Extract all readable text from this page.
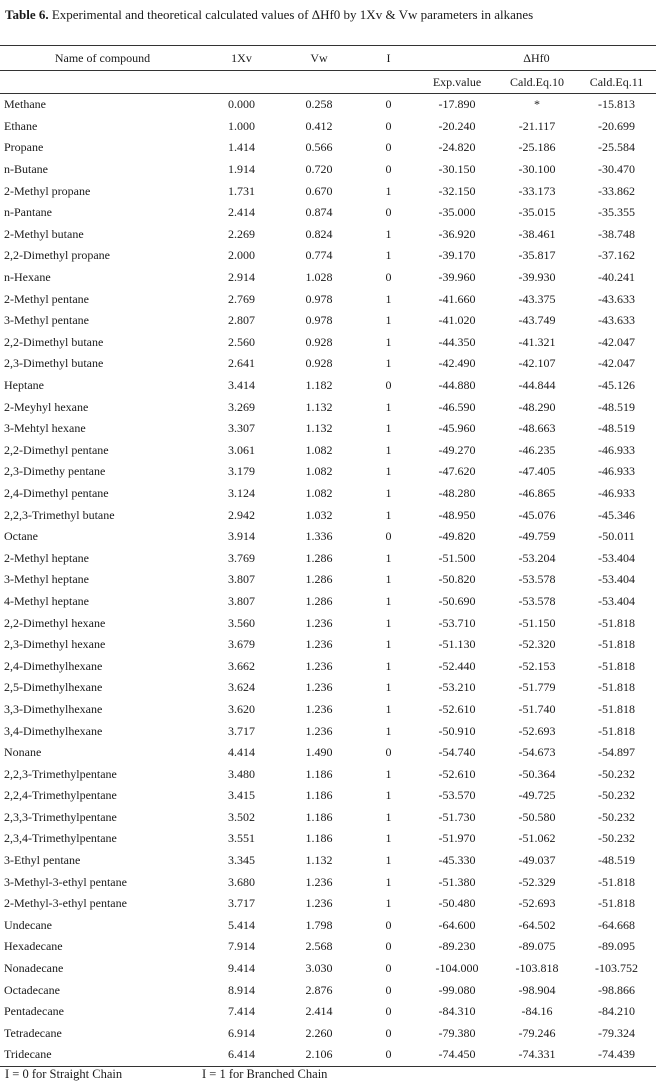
Table 6. Experimental and theoretical calculated values of ΔHf0 by 1Xv & Vw parameters in alkanes
Name of compound	1Xv	Vw	I	ΔHf0		
				Exp.value	Cald.Eq.10	Cald.Eq.11
Methane	0.000	0.258	0	-17.890	*	-15.813
Ethane	1.000	0.412	0	-20.240	-21.117	-20.699
Propane	1.414	0.566	0	-24.820	-25.186	-25.584
n-Butane	1.914	0.720	0	-30.150	-30.100	-30.470
2-Methyl propane	1.731	0.670	1	-32.150	-33.173	-33.862
n-Pantane	2.414	0.874	0	-35.000	-35.015	-35.355
2-Methyl butane	2.269	0.824	1	-36.920	-38.461	-38.748
2,2-Dimethyl propane	2.000	0.774	1	-39.170	-35.817	-37.162
n-Hexane	2.914	1.028	0	-39.960	-39.930	-40.241
2-Methyl pentane	2.769	0.978	1	-41.660	-43.375	-43.633
3-Methyl pentane	2.807	0.978	1	-41.020	-43.749	-43.633
2,2-Dimethyl butane	2.560	0.928	1	-44.350	-41.321	-42.047
2,3-Dimethyl butane	2.641	0.928	1	-42.490	-42.107	-42.047
Heptane	3.414	1.182	0	-44.880	-44.844	-45.126
2-Meyhyl hexane	3.269	1.132	1	-46.590	-48.290	-48.519
3-Mehtyl hexane	3.307	1.132	1	-45.960	-48.663	-48.519
2,2-Dimethyl pentane	3.061	1.082	1	-49.270	-46.235	-46.933
2,3-Dimethy pentane	3.179	1.082	1	-47.620	-47.405	-46.933
2,4-Dimethyl pentane	3.124	1.082	1	-48.280	-46.865	-46.933
2,2,3-Trimethyl butane	2.942	1.032	1	-48.950	-45.076	-45.346
Octane	3.914	1.336	0	-49.820	-49.759	-50.011
2-Methyl heptane	3.769	1.286	1	-51.500	-53.204	-53.404
3-Methyl heptane	3.807	1.286	1	-50.820	-53.578	-53.404
4-Methyl heptane	3.807	1.286	1	-50.690	-53.578	-53.404
2,2-Dimethyl hexane	3.560	1.236	1	-53.710	-51.150	-51.818
2,3-Dimethyl hexane	3.679	1.236	1	-51.130	-52.320	-51.818
2,4-Dimethylhexane	3.662	1.236	1	-52.440	-52.153	-51.818
2,5-Dimethylhexane	3.624	1.236	1	-53.210	-51.779	-51.818
3,3-Dimethylhexane	3.620	1.236	1	-52.610	-51.740	-51.818
3,4-Dimethylhexane	3.717	1.236	1	-50.910	-52.693	-51.818
Nonane	4.414	1.490	0	-54.740	-54.673	-54.897
2,2,3-Trimethylpentane	3.480	1.186	1	-52.610	-50.364	-50.232
2,2,4-Trimethylpentane	3.415	1.186	1	-53.570	-49.725	-50.232
2,3,3-Trimethylpentane	3.502	1.186	1	-51.730	-50.580	-50.232
2,3,4-Trimethylpentane	3.551	1.186	1	-51.970	-51.062	-50.232
3-Ethyl pentane	3.345	1.132	1	-45.330	-49.037	-48.519
3-Methyl-3-ethyl pentane	3.680	1.236	1	-51.380	-52.329	-51.818
2-Methyl-3-ethyl pentane	3.717	1.236	1	-50.480	-52.693	-51.818
Undecane	5.414	1.798	0	-64.600	-64.502	-64.668
Hexadecane	7.914	2.568	0	-89.230	-89.075	-89.095
Nonadecane	9.414	3.030	0	-104.000	-103.818	-103.752
Octadecane	8.914	2.876	0	-99.080	-98.904	-98.866
Pentadecane	7.414	2.414	0	-84.310	-84.16	-84.210
Tetradecane	6.914	2.260	0	-79.380	-79.246	-79.324
Tridecane	6.414	2.106	0	-74.450	-74.331	-74.439
I = 0 for Straight Chain	I = 1 for Branched Chain
